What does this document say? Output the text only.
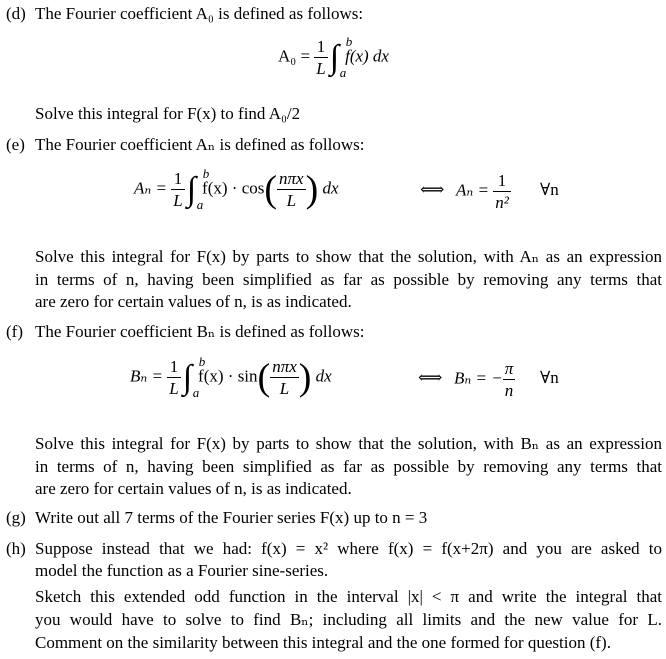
(d) The Fourier coefficient A₀ is defined as follows:
$A_0 = \frac{1}{L}$ ∫ b
a
f(x) dx
Solve this integral for F(x) to find A₀/2
(e) The Fourier coefficient Aₙ is defined as follows:
$A_n = \frac{1}{L}$ ∫ b
a
$f(x) \cdot \cos( \frac{\text{nπx}}{L}$ ) dx	⟺ $A_n = \frac{1}{\text{n²}}$ ∀n
Solve this integral for F(x) by parts to show that the solution, with Aₙ as an expression
in terms of n, having been simplified as far as possible by removing any terms that
are zero for certain values of n, is as indicated.
(f) The Fourier coefficient Bₙ is defined as follows:
$B_n = \frac{1}{L}$ ∫ b
a
$f(x) \cdot \sin( \frac{\text{nπx}}{L}$ ) dx	⟺ Bₙ = − $\frac{\pi}{n}$ ∀n
Solve this integral for F(x) by parts to show that the solution, with Bₙ as an expression
in terms of n, having been simplified as far as possible by removing any terms that
are zero for certain values of n, is as indicated.
(g) Write out all 7 terms of the Fourier series F(x) up to n = 3
(h) Suppose instead that we had: f(x) = x² where f(x) = f(x+2π) and you are asked to
model the function as a Fourier sine-series.
Sketch this extended odd function in the interval |x| < π and write the integral that
you would have to solve to find Bₙ; including all limits and the new value for L.
Comment on the similarity between this integral and the one formed for question (f).
